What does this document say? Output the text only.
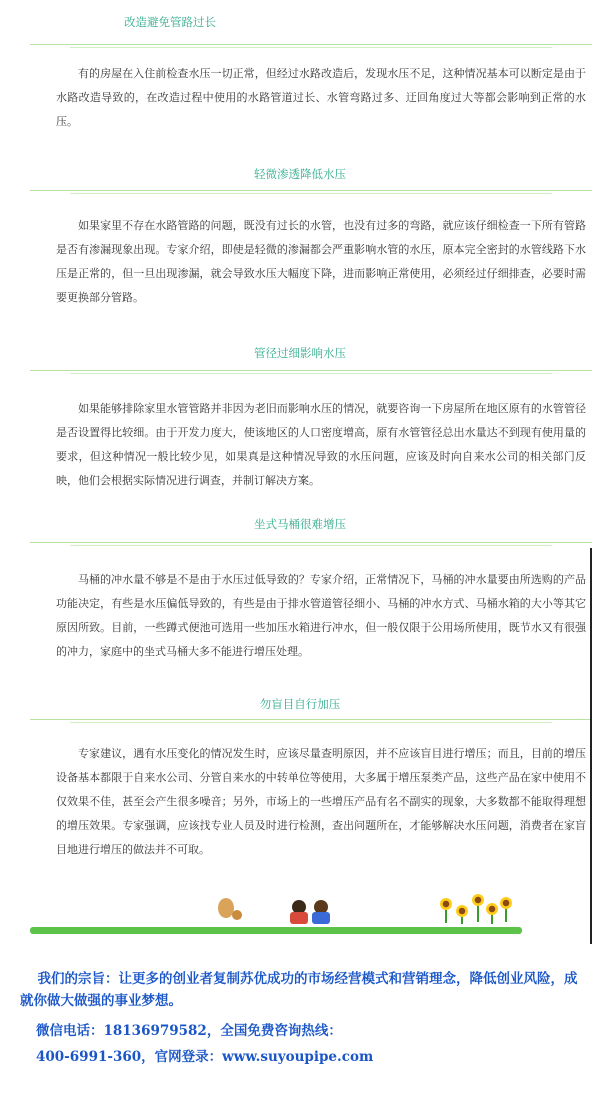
改造避免管路过长

有的房屋在入住前检查水压一切正常，但经过水路改造后，发现水压不足，这种情况基本可以断定是由于水路改造导致的，在改造过程中使用的水路管道过长、水管弯路过多、迂回角度过大等都会影响到正常的水压。

轻微渗透降低水压

如果家里不存在水路管路的问题，既没有过长的水管，也没有过多的弯路，就应该仔细检查一下所有管路是否有渗漏现象出现。专家介绍，即使是轻微的渗漏都会严重影响水管的水压，原本完全密封的水管线路下水压是正常的，但一旦出现渗漏，就会导致水压大幅度下降，进而影响正常使用，必须经过仔细排查，必要时需要更换部分管路。

管径过细影响水压

如果能够排除家里水管管路并非因为老旧而影响水压的情况，就要咨询一下房屋所在地区原有的水管管径是否设置得比较细。由于开发力度大，使该地区的人口密度增高，原有水管管径总出水量达不到现有使用量的要求，但这种情况一般比较少见，如果真是这种情况导致的水压问题，应该及时向自来水公司的相关部门反映，他们会根据实际情况进行调查，并制订解决方案。

坐式马桶很难增压

马桶的冲水量不够是不是由于水压过低导致的？专家介绍，正常情况下，马桶的冲水量要由所选购的产品功能决定，有些是水压偏低导致的，有些是由于排水管道管径细小、马桶的冲水方式、马桶水箱的大小等其它原因所致。目前，一些蹲式便池可选用一些加压水箱进行冲水，但一般仅限于公用场所使用，既节水又有很强的冲力，家庭中的坐式马桶大多不能进行增压处理。

勿盲目自行加压

专家建议，遇有水压变化的情况发生时，应该尽量查明原因，并不应该盲目进行增压；而且，目前的增压设备基本都限于自来水公司、分管自来水的中转单位等使用，大多属于增压泵类产品，这些产品在家中使用不仅效果不佳，甚至会产生很多噪音；另外，市场上的一些增压产品有名不副实的现象，大多数都不能取得理想的增压效果。专家强调，应该找专业人员及时进行检测，查出问题所在，才能够解决水压问题，消费者在家盲目地进行增压的做法并不可取。

我们的宗旨：让更多的创业者复制苏优成功的市场经营模式和营销理念，降低创业风险，成就你做大做强的事业梦想。

微信电话：18136979582，全国免费咨询热线：

400-6991-360，官网登录：www.suyoupipe.com
